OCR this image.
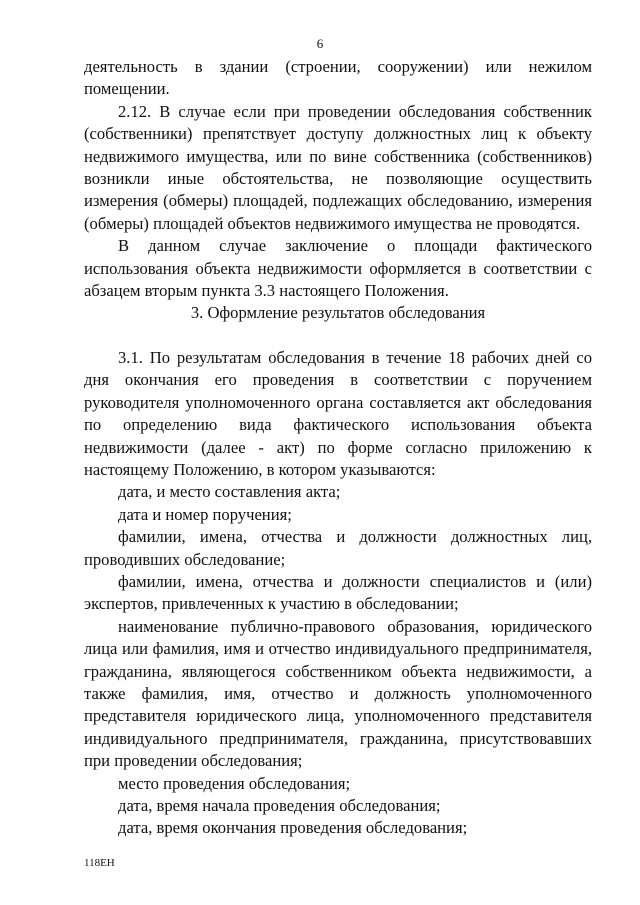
6

деятельность в здании (строении, сооружении) или нежилом помещении.

2.12. В случае если при проведении обследования собственник (собственники) препятствует доступу должностных лиц к объекту недвижимого имущества, или по вине собственника (собственников) возникли иные обстоятельства, не позволяющие осуществить измерения (обмеры) площадей, подлежащих обследованию, измерения (обмеры) площадей объектов недвижимого имущества не проводятся.

В данном случае заключение о площади фактического использования объекта недвижимости оформляется в соответствии с абзацем вторым пункта 3.3 настоящего Положения.

3. Оформление результатов обследования

3.1. По результатам обследования в течение 18 рабочих дней со дня окончания его проведения в соответствии с поручением руководителя уполномоченного органа составляется акт обследования по определению вида фактического использования объекта недвижимости (далее - акт) по форме согласно приложению к настоящему Положению, в котором указываются:

дата, и место составления акта;

дата и номер поручения;

фамилии, имена, отчества и должности должностных лиц, проводивших обследование;

фамилии, имена, отчества и должности специалистов и (или) экспертов, привлеченных к участию в обследовании;

наименование публично-правового образования, юридического лица или фамилия, имя и отчество индивидуального предпринимателя, гражданина, являющегося собственником объекта недвижимости, а также фамилия, имя, отчество и должность уполномоченного представителя юридического лица, уполномоченного представителя индивидуального предпринимателя, гражданина, присутствовавших при проведении обследования;

место проведения обследования;

дата, время начала проведения обследования;

дата, время окончания проведения обследования;

118ЕН
